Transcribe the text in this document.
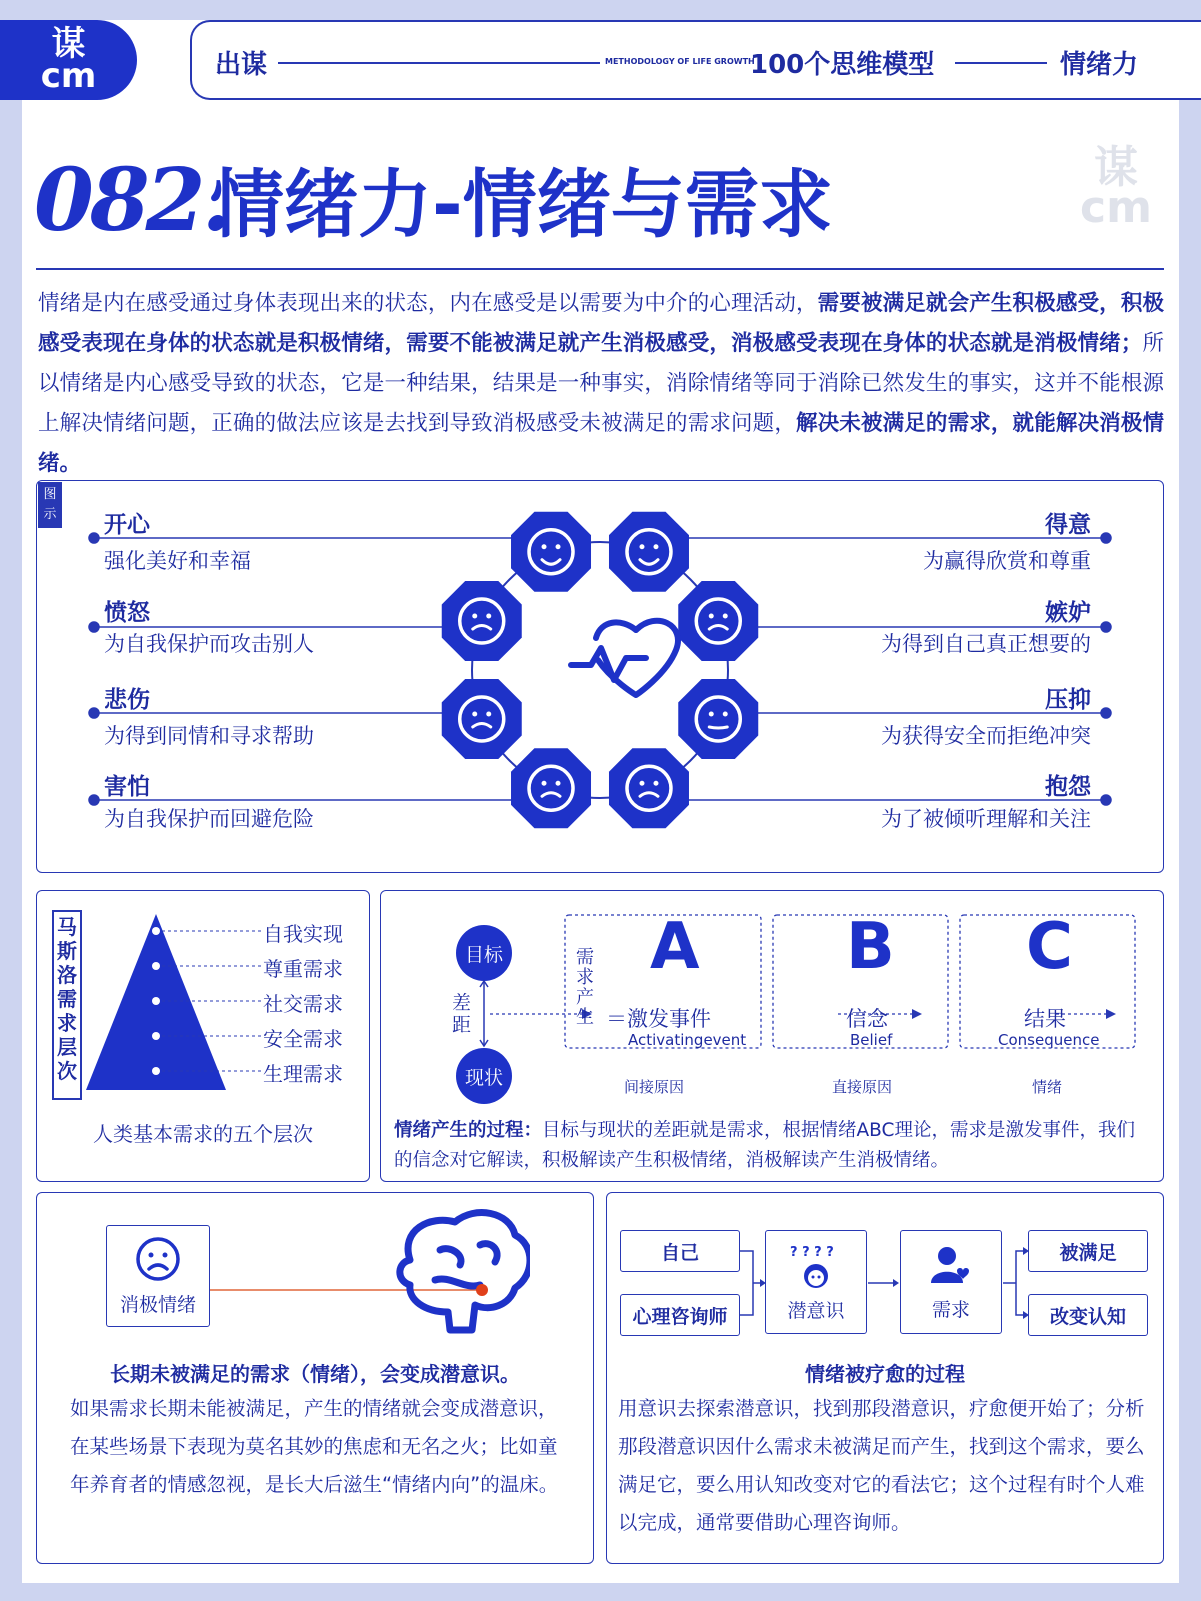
谋
cm	出谋	METHODOLOGY OF LIFE GROWTH
100个思维模型	情绪力
082.
情绪力-情绪与需求	谋
cm
情绪是内在感受通过身体表现出来的状态，内在感受是以需要为中介的心理活动，需要被满足就会产生积极感受，积极感受表现在身体的状态就是积极情绪，需要不能被满足就产生消极感受，消极感受表现在身体的状态就是消极情绪；所以情绪是内心感受导致的状态，它是一种结果，结果是一种事实，消除情绪等同于消除已然发生的事实，这并不能根源上解决情绪问题，正确的做法应该是去找到导致消极感受未被满足的需求问题，解决未被满足的需求，就能解决消极情绪。
图示 开心
强化美好和幸福
愤怒
为自我保护而攻击别人
悲伤
为得到同情和寻求帮助
害怕
为自我保护而回避危险
得意
为赢得欣赏和尊重
嫉妒
为得到自己真正想要的
压抑
为获得安全而拒绝冲突
抱怨
为了被倾听理解和关注
马斯洛需求层次
自我实现
尊重需求
社交需求
安全需求
生理需求
人类基本需求的五个层次
目标
现状
差距
需求产生
A
＝激发事件
Activatingevent
间接原因
B
信念
Belief
直接原因
C
结果
Consequence
情绪
情绪产生的过程：目标与现状的差距就是需求，根据情绪ABC理论，需求是激发事件，我们的信念对它解读，积极解读产生积极情绪，消极解读产生消极情绪。
消极情绪
长期未被满足的需求（情绪），会变成潜意识。
如果需求长期未能被满足，产生的情绪就会变成潜意识，在某些场景下表现为莫名其妙的焦虑和无名之火；比如童年养育者的情感忽视，是长大后滋生“情绪内向”的温床。
自己
心理咨询师
? ? ? ?
潜意识	需求
被满足
改变认知
情绪被疗愈的过程
用意识去探索潜意识，找到那段潜意识，疗愈便开始了；分析那段潜意识因什么需求未被满足而产生，找到这个需求，要么满足它，要么用认知改变对它的看法它；这个过程有时个人难以完成，通常要借助心理咨询师。
